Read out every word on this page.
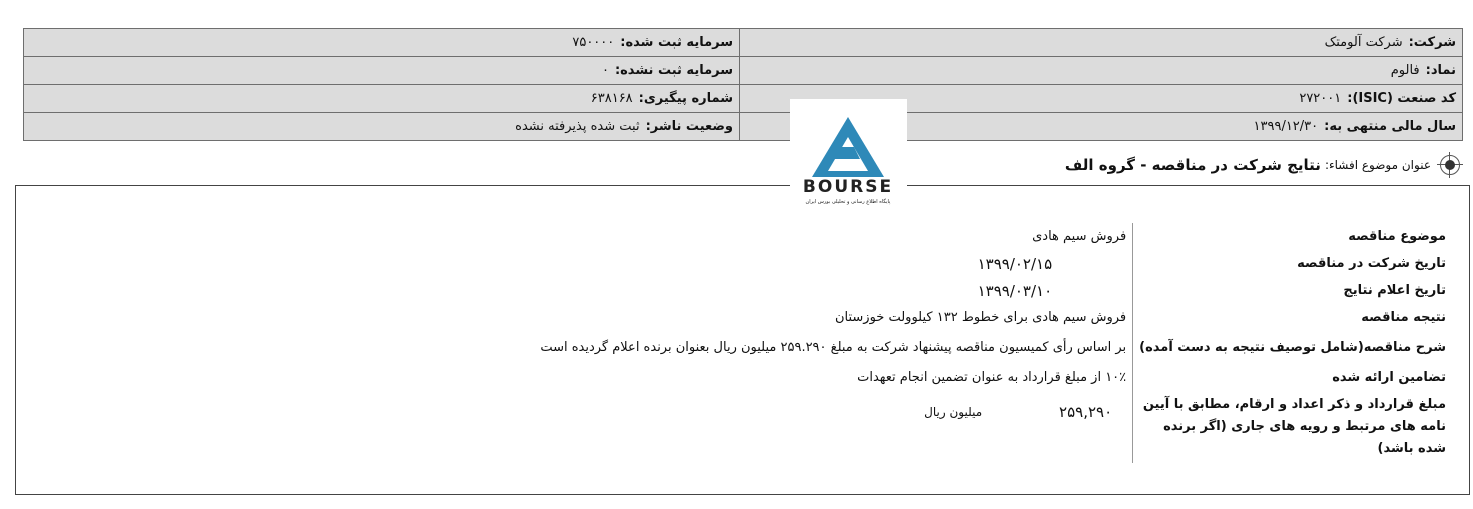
شرکت:شرکت آلومتک	سرمایه ثبت شده:۷۵۰۰۰۰
نماد:فالوم	سرمایه ثبت نشده:۰
کد صنعت (ISIC):۲۷۲۰۰۱	شماره پیگیری:۶۳۸۱۶۸
سال مالی منتهی به:۱۳۹۹/۱۲/۳۰	وضعیت ناشر:ثبت شده پذیرفته نشده
عنوان موضوع افشاء:
نتایج شرکت در مناقصه - گروه الف
موضوع مناقصه	فروش سیم هادی
تاریخ شرکت در مناقصه	۱۳۹۹/۰۲/۱۵
تاریخ اعلام نتایج	۱۳۹۹/۰۳/۱۰
نتیجه مناقصه	فروش سیم هادی برای خطوط ۱۳۲ کیلوولت خوزستان
شرح مناقصه(شامل توصیف نتیجه به دست آمده)	بر اساس رأی کمیسیون مناقصه پیشنهاد شرکت به مبلغ ۲۵۹.۲۹۰ میلیون ریال بعنوان برنده اعلام گردیده است
تضامین ارائه شده	۱۰٪ از مبلغ قرارداد به عنوان تضمین انجام تعهدات
مبلغ قرارداد و ذکر اعداد و ارقام، مطابق با آیین نامه های مرتبط و رویه های جاری (اگر برنده شده باشد)	۲۵۹,۲۹۰
میلیون ریال
BOURSE
پایگاه اطلاع رسانی و تحلیلی بورس ایران
